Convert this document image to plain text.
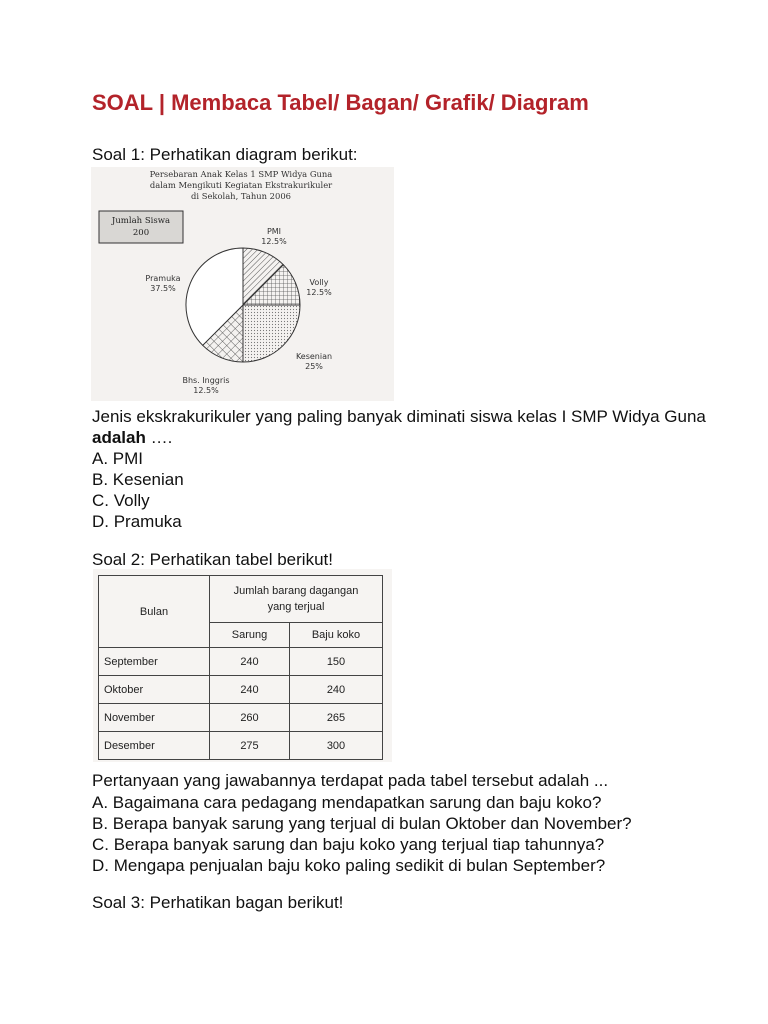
SOAL | Membaca Tabel/ Bagan/ Grafik/ Diagram
Soal 1: Perhatikan diagram berikut:
Persebaran Anak Kelas 1 SMP Widya Guna
dalam Mengikuti Kegiatan Ekstrakurikuler
di Sekolah, Tahun 2006
Jumlah Siswa
200	PMI
12.5%
Volly
12.5%
Kesenian
25%
Bhs. Inggris
12.5%
Pramuka
37.5%
Jenis ekskrakurikuler yang paling banyak diminati siswa kelas I SMP Widya Guna adalah ….
A. PMI
B. Kesenian
C. Volly
D. Pramuka
Soal 2: Perhatikan tabel berikut!
Bulan	Jumlah barang dagangan yang terjual	
	Sarung	Baju koko
September	240	150
Oktober	240	240
November	260	265
Desember	275	300
Pertanyaan yang jawabannya terdapat pada tabel tersebut adalah ...
A. Bagaimana cara pedagang mendapatkan sarung dan baju koko?
B. Berapa banyak sarung yang terjual di bulan Oktober dan November?
C. Berapa banyak sarung dan baju koko yang terjual tiap tahunnya?
D. Mengapa penjualan baju koko paling sedikit di bulan September?
Soal 3: Perhatikan bagan berikut!
